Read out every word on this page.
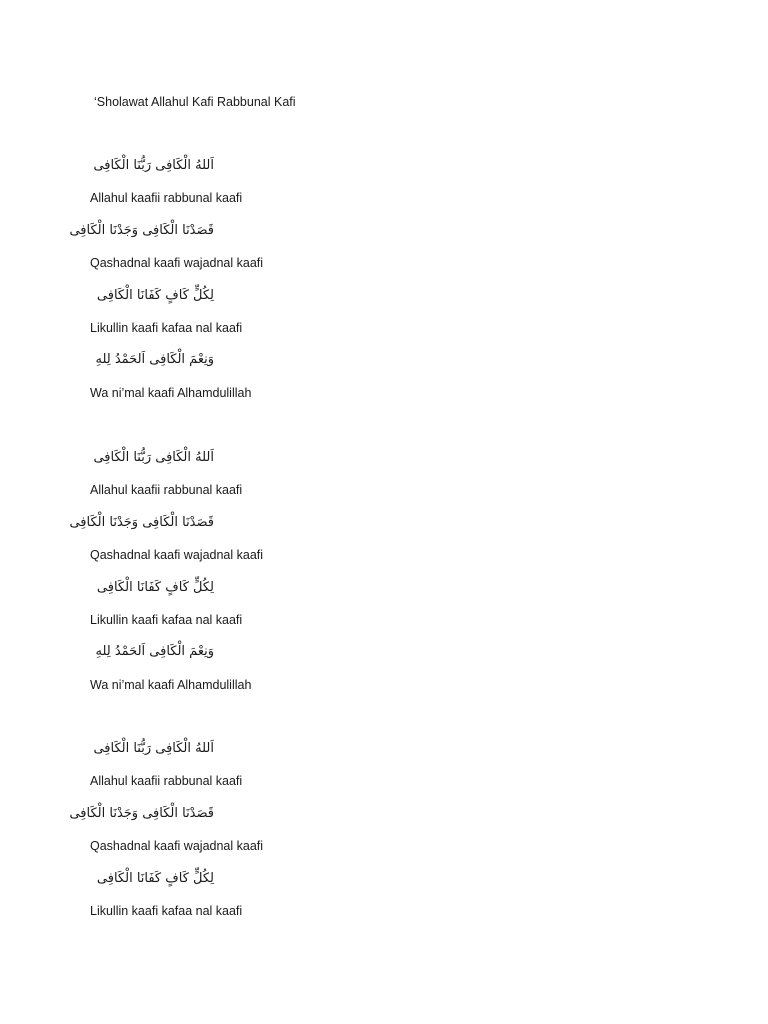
‘Sholawat Allahul Kafi Rabbunal Kafi
اَللهُ الْكَافِى رَبُّنَا الْكَافِى
Allahul kaafii rabbunal kaafi
قَصَدْنَا الْكَافِى وَجَدْنَا الْكَافِى
Qashadnal kaafi wajadnal kaafi
لِكُلٍّ كَافٍ كَفَانَا الْكَافِى
Likullin kaafi kafaa nal kaafi
وَنِعْمَ الْكَافِى اَلحَمْدُ لِلهِ
Wa ni’mal kaafi Alhamdulillah
اَللهُ الْكَافِى رَبُّنَا الْكَافِى
Allahul kaafii rabbunal kaafi
قَصَدْنَا الْكَافِى وَجَدْنَا الْكَافِى
Qashadnal kaafi wajadnal kaafi
لِكُلٍّ كَافٍ كَفَانَا الْكَافِى
Likullin kaafi kafaa nal kaafi
وَنِعْمَ الْكَافِى اَلحَمْدُ لِلهِ
Wa ni’mal kaafi Alhamdulillah
اَللهُ الْكَافِى رَبُّنَا الْكَافِى
Allahul kaafii rabbunal kaafi
قَصَدْنَا الْكَافِى وَجَدْنَا الْكَافِى
Qashadnal kaafi wajadnal kaafi
لِكُلٍّ كَافٍ كَفَانَا الْكَافِى
Likullin kaafi kafaa nal kaafi
